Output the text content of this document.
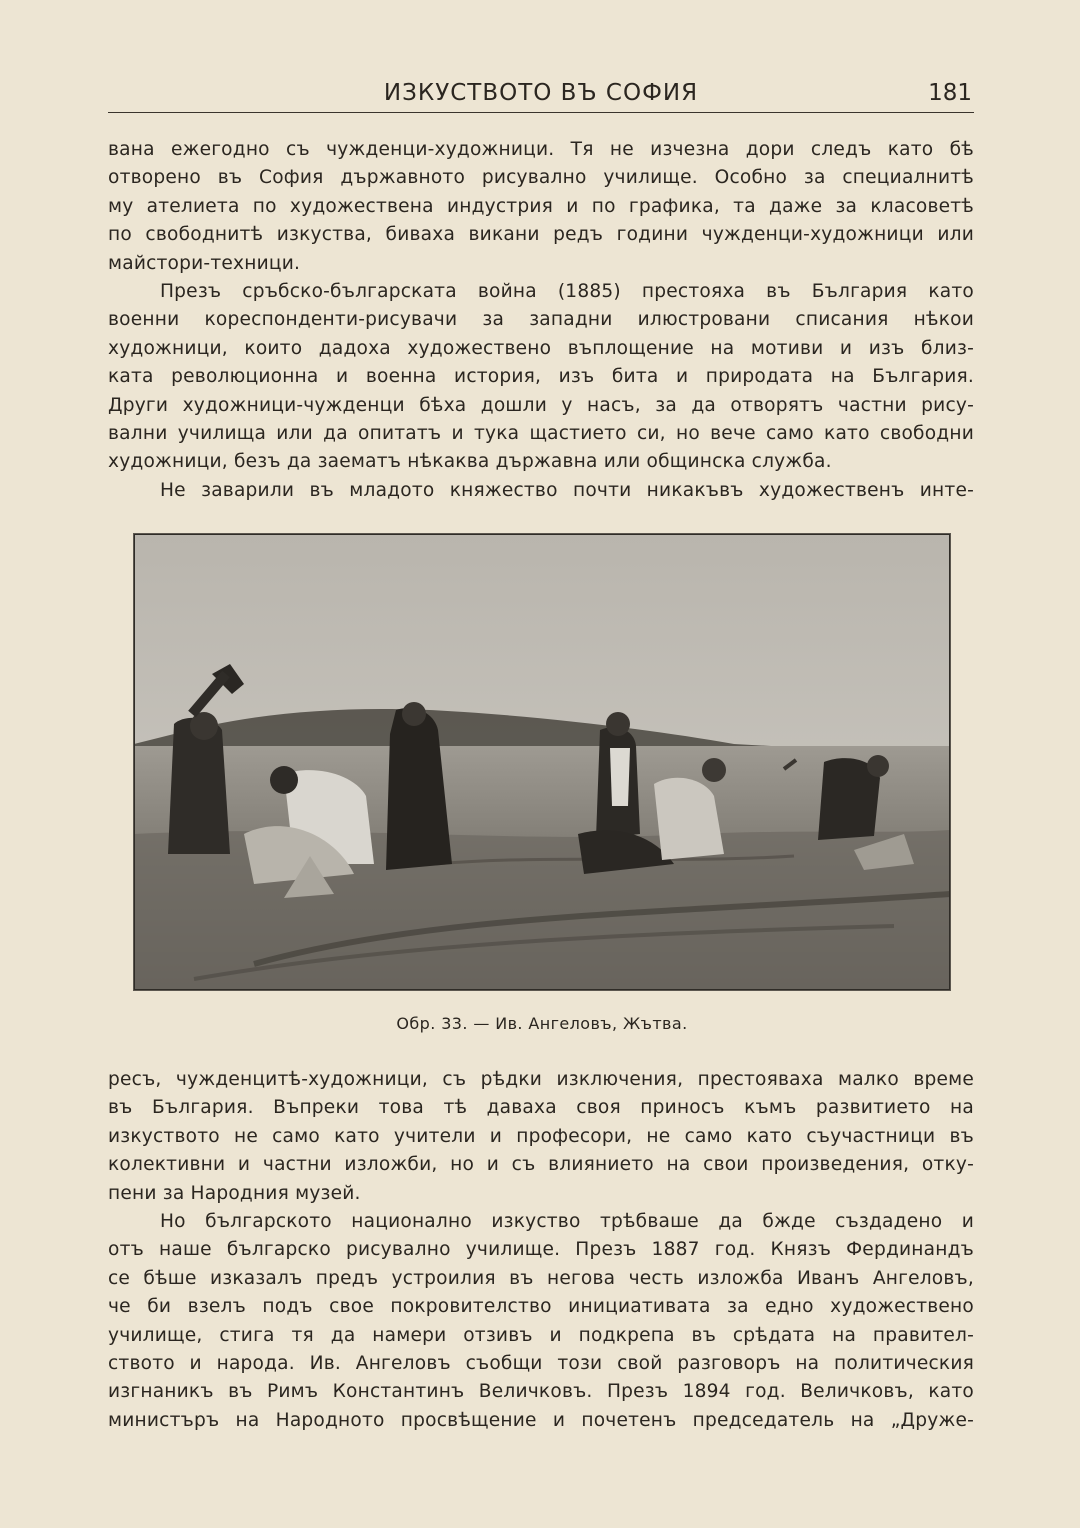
ИЗКУСТВОТО ВЪ СОФИЯ	181
вана ежегодно съ чужденци-художници. Тя не изчезна дори следъ като бѣ
отворено въ София държавното рисувално училище. Особно за специалнитѣ
му ателиета по художествена индустрия и по графика, та даже за класоветѣ
по свободнитѣ изкуства, биваха викани редъ години чужденци-художници или
майстори-техници.
Презъ сръбско-българската война (1885) престояха въ България като
военни кореспонденти-рисувачи за западни илюстровани списания нѣкои
художници, които дадоха художествено въплощение на мотиви и изъ близ-
ката революционна и военна история, изъ бита и природата на България.
Други художници-чужденци бѣха дошли у насъ, за да отворятъ частни рису-
вални училища или да опитатъ и тука щастието си, но вече само като свободни
художници, безъ да заематъ нѣкаква държавна или общинска служба.
Не заварили въ младото княжество почти никакъвъ художественъ инте-
Обр. 33. — Ив. Ангеловъ, Жътва.
ресъ, чужденцитѣ-художници, съ рѣдки изключения, престояваха малко време
въ България. Въпреки това тѣ даваха своя приносъ къмъ развитието на
изкуството не само като учители и професори, не само като съучастници въ
колективни и частни изложби, но и съ влиянието на свои произведения, отку-
пени за Народния музей.
Но българското национално изкуство трѣбваше да бжде създадено и
отъ наше българско рисувално училище. Презъ 1887 год. Князъ Фердинандъ
се бѣше изказалъ предъ устроилия въ негова честь изложба Иванъ Ангеловъ,
че би взелъ подъ свое покровителство инициативата за едно художествено
училище, стига тя да намери отзивъ и подкрепа въ срѣдата на правител-
ството и народа. Ив. Ангеловъ съобщи този свой разговоръ на политическия
изгнаникъ въ Римъ Константинъ Величковъ. Презъ 1894 год. Величковъ, като
министъръ на Народното просвѣщение и почетенъ председатель на „Друже-
